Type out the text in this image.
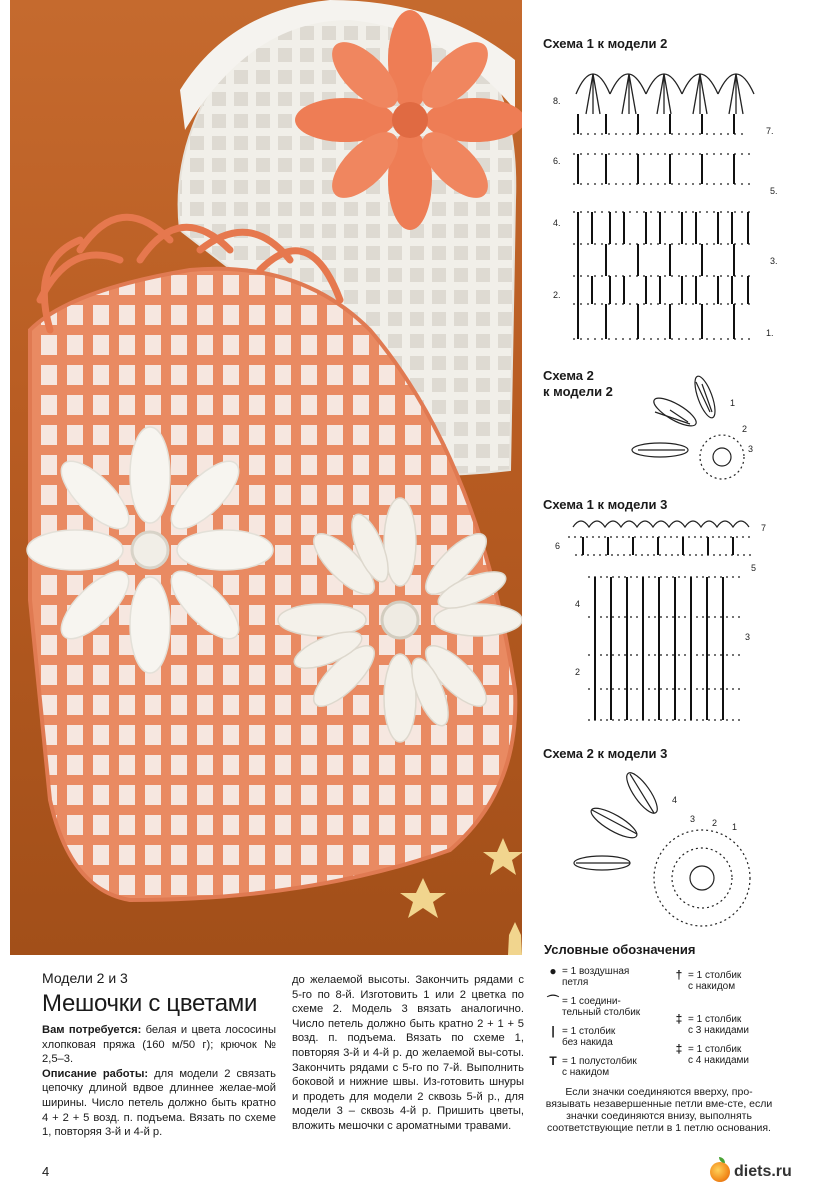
Схема 1 к модели 2
8.
7.
6.
5.
4.
3.
2.
1.
Схема 2
к модели 2
1
2
3
Схема 1 к модели 3
7
6
5
4
3
2
Схема 2 к модели 3
4
3 2 1
Условные обозначения
● = 1 воздушная
петля
⌒ = 1 соедини-
тельный столбик
| = 1 столбик
без накида
T = 1 полустолбик
с накидом
† = 1 столбик
с накидом
‡ = 1 столбик
с 3 накидами
‡ = 1 столбик
с 4 накидами
Если значки соединяются вверху, про-вязывать незавершенные петли вме-сте, если значки соединяются внизу, выполнять соответствующие петли в 1 петлю основания.
Модели 2 и 3
Мешочки с цветами
Вам потребуется: белая и цвета лососины хлопковая пряжа (160 м/50 г); крючок № 2,5–3.
Описание работы: для модели 2 связать цепочку длиной вдвое длиннее желае-мой ширины. Число петель должно быть кратно 4 + 2 + 5 возд. п. подъема. Вязать по схеме 1, повторяя 3-й и 4-й р.
до желаемой высоты. Закончить рядами с 5-го по 8-й. Изготовить 1 или 2 цветка по схеме 2. Модель 3 вязать аналогично. Число петель должно быть кратно 2 + 1 + 5 возд. п. подъема. Вязать по схеме 1, повторяя 3-й и 4-й р. до желаемой вы-соты. Закончить рядами с 5-го по 7-й. Выполнить боковой и нижние швы. Из-готовить шнуры и продеть для модели 2 сквозь 5-й р., для модели 3 – сквозь 4-й р. Пришить цветы, вложить мешочки с ароматными травами.
4	diets.ru
